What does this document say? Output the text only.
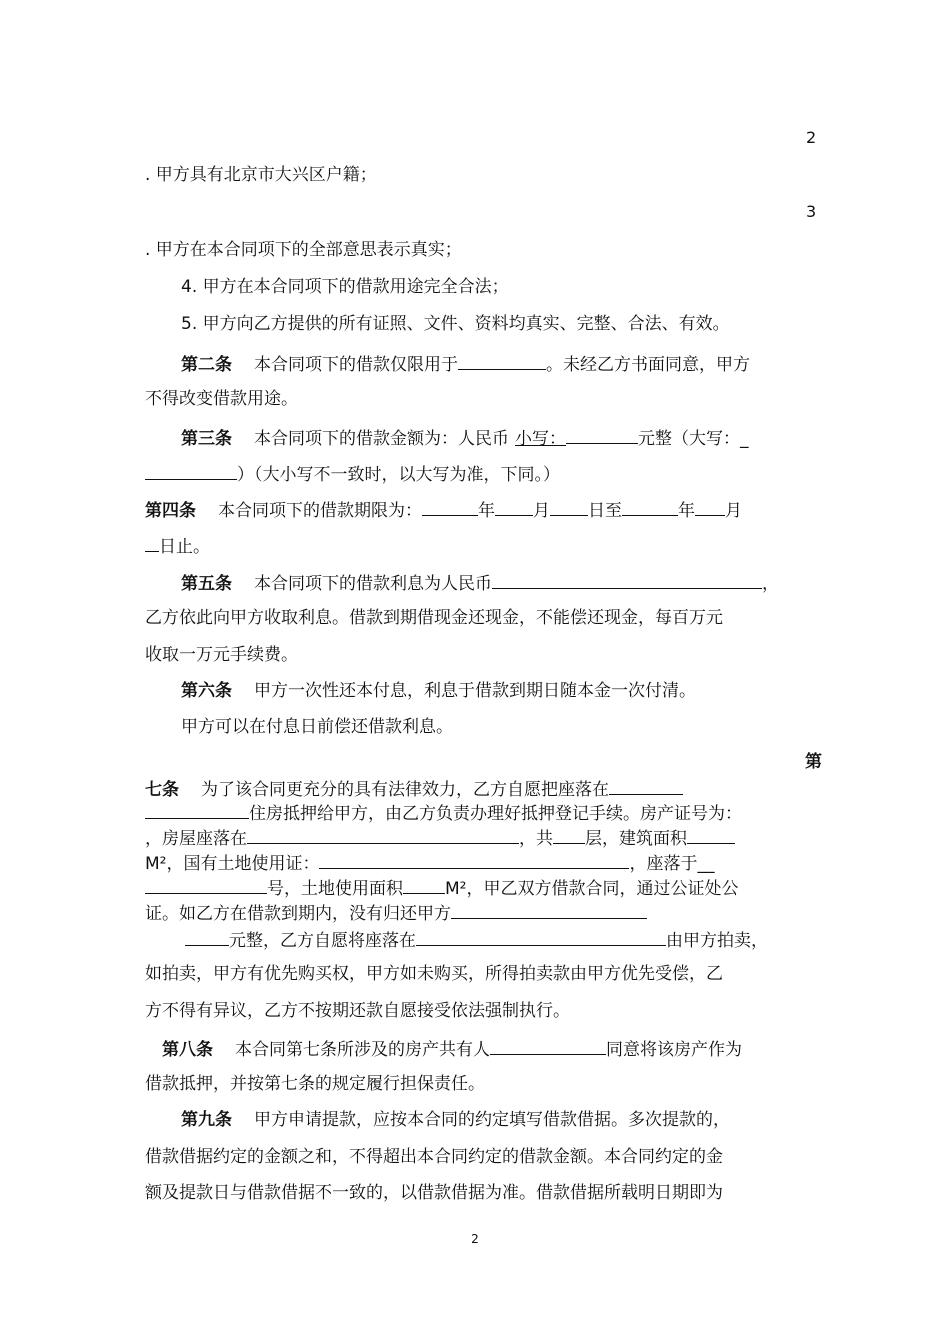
2
. 甲方具有北京市大兴区户籍；
3
. 甲方在本合同项下的全部意思表示真实；
4. 甲方在本合同项下的借款用途完全合法；
5. 甲方向乙方提供的所有证照、文件、资料均真实、完整、合法、有效。
第二条 本合同项下的借款仅限用于	。未经乙方书面同意，甲方
不得改变借款用途。
第三条 本合同项下的借款金额为：人民币 小写：	元整（大写：_
）（大小写不一致时，以大写为准，下同。）
第四条 本合同项下的借款期限为：	年 月 日至	年 月
日止。
第五条 本合同项下的借款利息为人民币	，
乙方依此向甲方收取利息。借款到期借现金还现金，不能偿还现金，每百万元
收取一万元手续费。
第六条 甲方一次性还本付息，利息于借款到期日随本金一次付清。
甲方可以在付息日前偿还借款利息。
第
七条 为了该合同更充分的具有法律效力，乙方自愿把座落在
住房抵押给甲方，由乙方负责办理好抵押登记手续。房产证号为：
，房屋座落在	，共 层，建筑面积
M²，国有土地使用证：	，座落于__
号，土地使用面积 M²，甲乙双方借款合同，通过公证处公
证。如乙方在借款到期内，没有归还甲方
元整，乙方自愿将座落在	由甲方拍卖，
如拍卖，甲方有优先购买权，甲方如未购买，所得拍卖款由甲方优先受偿，乙
方不得有异议，乙方不按期还款自愿接受依法强制执行。
第八条 本合同第七条所涉及的房产共有人	同意将该房产作为
借款抵押，并按第七条的规定履行担保责任。
第九条 甲方申请提款，应按本合同的约定填写借款借据。多次提款的，
借款借据约定的金额之和，不得超出本合同约定的借款金额。本合同约定的金
额及提款日与借款借据不一致的，以借款借据为准。借款借据所载明日期即为
2
